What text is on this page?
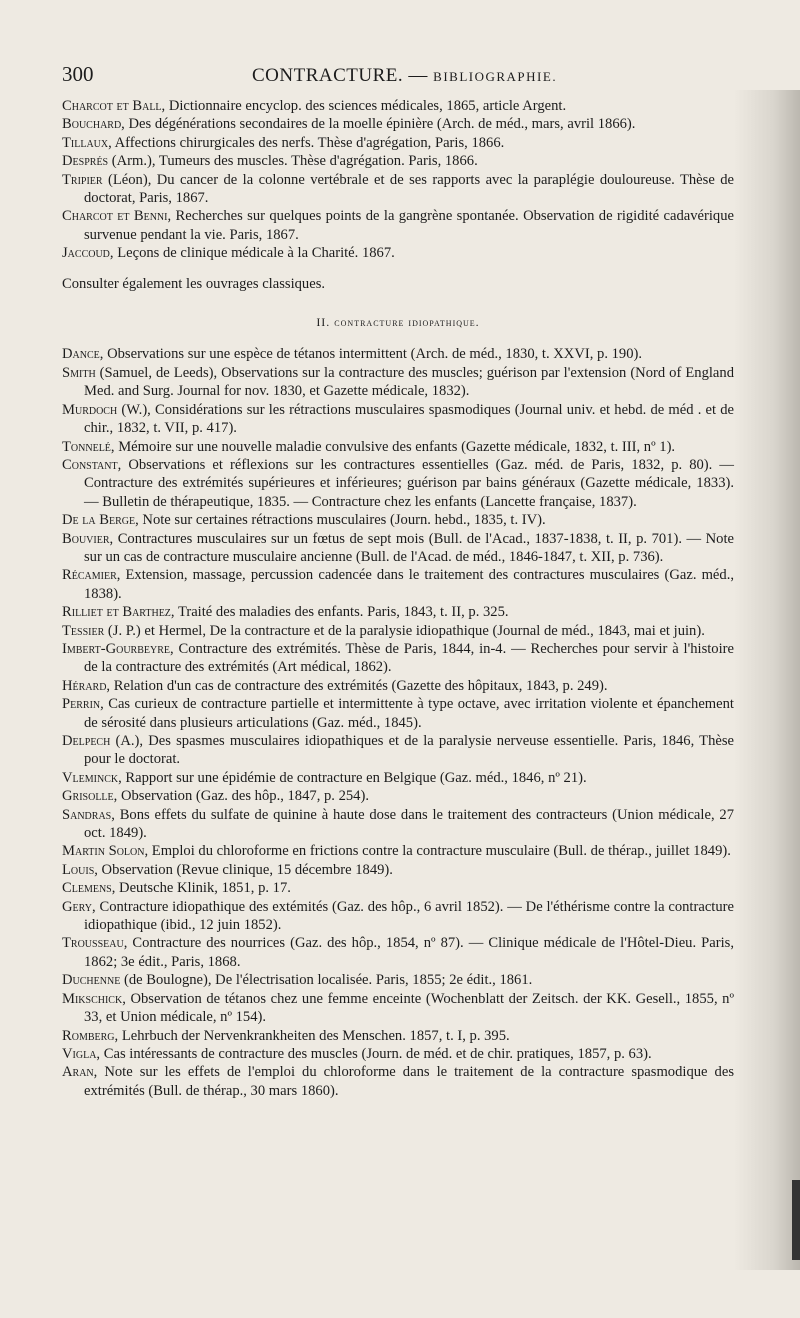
300	CONTRACTURE. — BIBLIOGRAPHIE.

Charcot et Ball, Dictionnaire encyclop. des sciences médicales, 1865, article Argent.

Bouchard, Des dégénérations secondaires de la moelle épinière (Arch. de méd., mars, avril 1866).

Tillaux, Affections chirurgicales des nerfs. Thèse d'agrégation, Paris, 1866.

Després (Arm.), Tumeurs des muscles. Thèse d'agrégation. Paris, 1866.

Tripier (Léon), Du cancer de la colonne vertébrale et de ses rapports avec la paraplégie douloureuse. Thèse de doctorat, Paris, 1867.

Charcot et Benni, Recherches sur quelques points de la gangrène spontanée. Observation de rigidité cadavérique survenue pendant la vie. Paris, 1867.

Jaccoud, Leçons de clinique médicale à la Charité. 1867.

Consulter également les ouvrages classiques.

II. contracture idiopathique.

Dance, Observations sur une espèce de tétanos intermittent (Arch. de méd., 1830, t. XXVI, p. 190).

Smith (Samuel, de Leeds), Observations sur la contracture des muscles; guérison par l'extension (Nord of England Med. and Surg. Journal for nov. 1830, et Gazette médicale, 1832).

Murdoch (W.), Considérations sur les rétractions musculaires spasmodiques (Journal univ. et hebd. de méd . et de chir., 1832, t. VII, p. 417).

Tonnelé, Mémoire sur une nouvelle maladie convulsive des enfants (Gazette médicale, 1832, t. III, nº 1).

Constant, Observations et réflexions sur les contractures essentielles (Gaz. méd. de Paris, 1832, p. 80). — Contracture des extrémités supérieures et inférieures; guérison par bains généraux (Gazette médicale, 1833). — Bulletin de thérapeutique, 1835. — Contracture chez les enfants (Lancette française, 1837).

De la Berge, Note sur certaines rétractions musculaires (Journ. hebd., 1835, t. IV).

Bouvier, Contractures musculaires sur un fœtus de sept mois (Bull. de l'Acad., 1837-1838, t. II, p. 701). — Note sur un cas de contracture musculaire ancienne (Bull. de l'Acad. de méd., 1846-1847, t. XII, p. 736).

Récamier, Extension, massage, percussion cadencée dans le traitement des contractures musculaires (Gaz. méd., 1838).

Rilliet et Barthez, Traité des maladies des enfants. Paris, 1843, t. II, p. 325.

Tessier (J. P.) et Hermel, De la contracture et de la paralysie idiopathique (Journal de méd., 1843, mai et juin).

Imbert-Gourbeyre, Contracture des extrémités. Thèse de Paris, 1844, in-4. — Recherches pour servir à l'histoire de la contracture des extrémités (Art médical, 1862).

Hérard, Relation d'un cas de contracture des extrémités (Gazette des hôpitaux, 1843, p. 249).

Perrin, Cas curieux de contracture partielle et intermittente à type octave, avec irritation violente et épanchement de sérosité dans plusieurs articulations (Gaz. méd., 1845).

Delpech (A.), Des spasmes musculaires idiopathiques et de la paralysie nerveuse essentielle. Paris, 1846, Thèse pour le doctorat.

Vleminck, Rapport sur une épidémie de contracture en Belgique (Gaz. méd., 1846, nº 21).

Grisolle, Observation (Gaz. des hôp., 1847, p. 254).

Sandras, Bons effets du sulfate de quinine à haute dose dans le traitement des contracteurs (Union médicale, 27 oct. 1849).

Martin Solon, Emploi du chloroforme en frictions contre la contracture musculaire (Bull. de thérap., juillet 1849).

Louis, Observation (Revue clinique, 15 décembre 1849).

Clemens, Deutsche Klinik, 1851, p. 17.

Gery, Contracture idiopathique des extémités (Gaz. des hôp., 6 avril 1852). — De l'éthérisme contre la contracture idiopathique (ibid., 12 juin 1852).

Trousseau, Contracture des nourrices (Gaz. des hôp., 1854, nº 87). — Clinique médicale de l'Hôtel-Dieu. Paris, 1862; 3e édit., Paris, 1868.

Duchenne (de Boulogne), De l'électrisation localisée. Paris, 1855; 2e édit., 1861.

Mikschick, Observation de tétanos chez une femme enceinte (Wochenblatt der Zeitsch. der KK. Gesell., 1855, nº 33, et Union médicale, nº 154).

Romberg, Lehrbuch der Nervenkrankheiten des Menschen. 1857, t. I, p. 395.

Vigla, Cas intéressants de contracture des muscles (Journ. de méd. et de chir. pratiques, 1857, p. 63).

Aran, Note sur les effets de l'emploi du chloroforme dans le traitement de la contracture spasmodique des extrémités (Bull. de thérap., 30 mars 1860).
